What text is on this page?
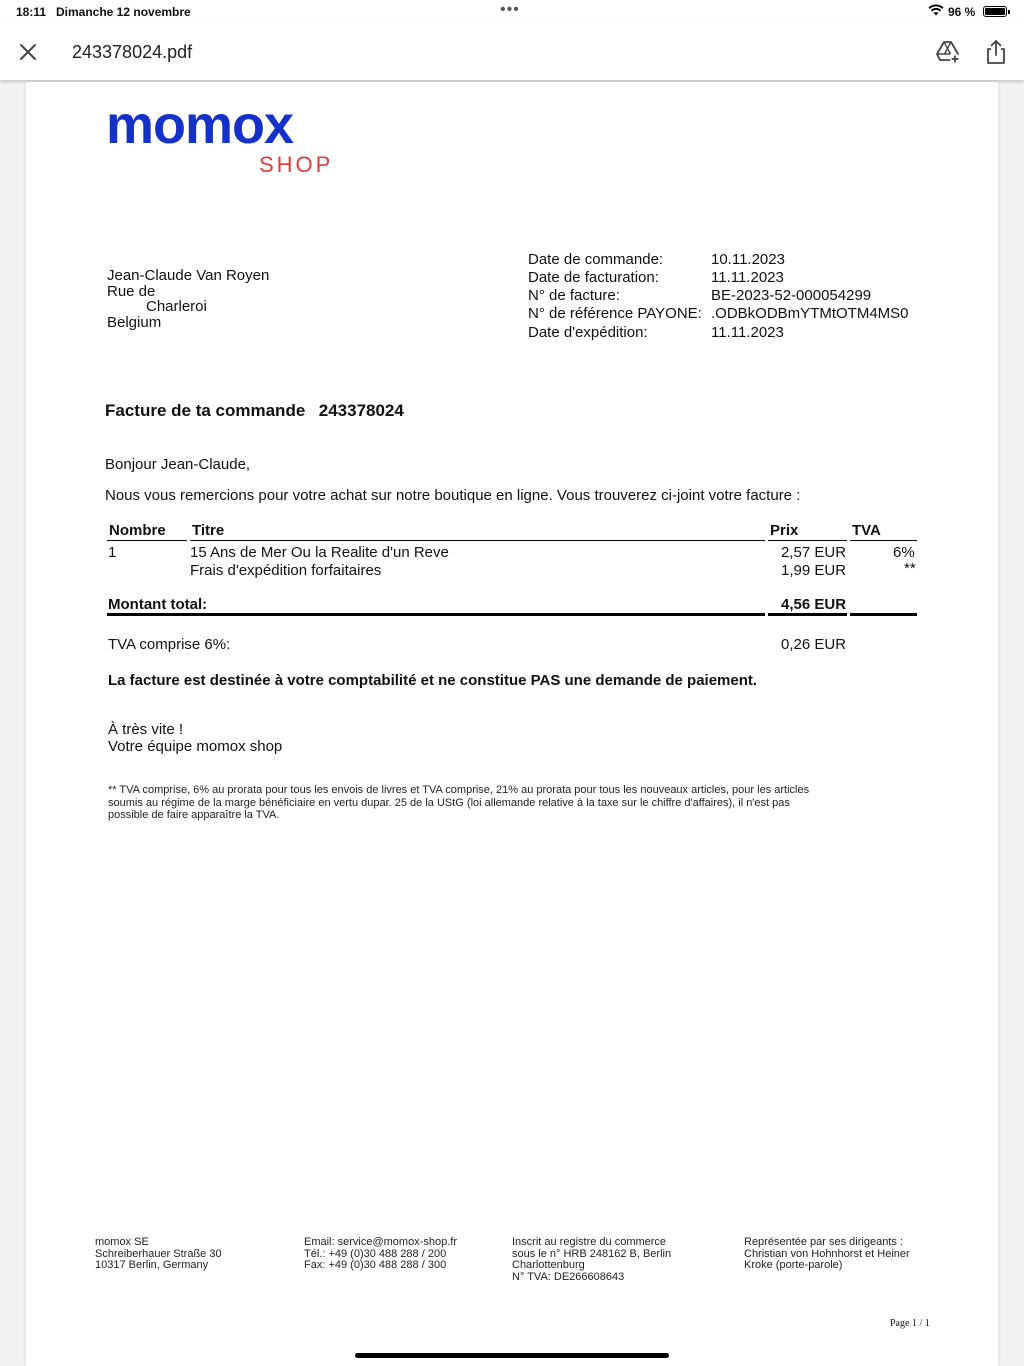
18:11 Dimanche 12 novembre	•••	96 %
243378024.pdf
momox
SHOP
Jean-Claude Van Royen
Rue de
Charleroi
Belgium
Date de commande:	10.11.2023
Date de facturation:	11.11.2023
N° de facture:	BE-2023-52-000054299
N° de référence PAYONE: .ODBkODBmYTMtOTM4MS0
Date d'expédition:	11.11.2023
Facture de ta commande 243378024
Bonjour Jean-Claude,
Nous vous remercions pour votre achat sur notre boutique en ligne. Vous trouverez ci-joint votre facture :
Nombre Titre	Prix	TVA
1	15 Ans de Mer Ou la Realite d'un Reve	2,57 EUR	6%
Frais d'expédition forfaitaires	1,99 EUR	**
Montant total:	4,56 EUR
TVA comprise 6%:	0,26 EUR
La facture est destinée à votre comptabilité et ne constitue PAS une demande de paiement.
À très vite !
Votre équipe momox shop
** TVA comprise, 6% au prorata pour tous les envois de livres et TVA comprise, 21% au prorata pour tous les nouveaux articles, pour les articles
soumis au régime de la marge bénéficiaire en vertu dupar. 25 de la UStG (loi allemande relative à la taxe sur le chiffre d'affaires), il n'est pas
possible de faire apparaître la TVA.
momox SE
Schreiberhauer Straße 30
10317 Berlin, Germany
Email: service@momox-shop.fr
Tél.: +49 (0)30 488 288 / 200
Fax: +49 (0)30 488 288 / 300
Inscrit au registre du commerce
sous le n° HRB 248162 B, Berlin
Charlottenburg
N° TVA: DE266608643
Représentée par ses dirigeants :
Christian von Hohnhorst et Heiner
Kroke (porte-parole)
Page 1 / 1
